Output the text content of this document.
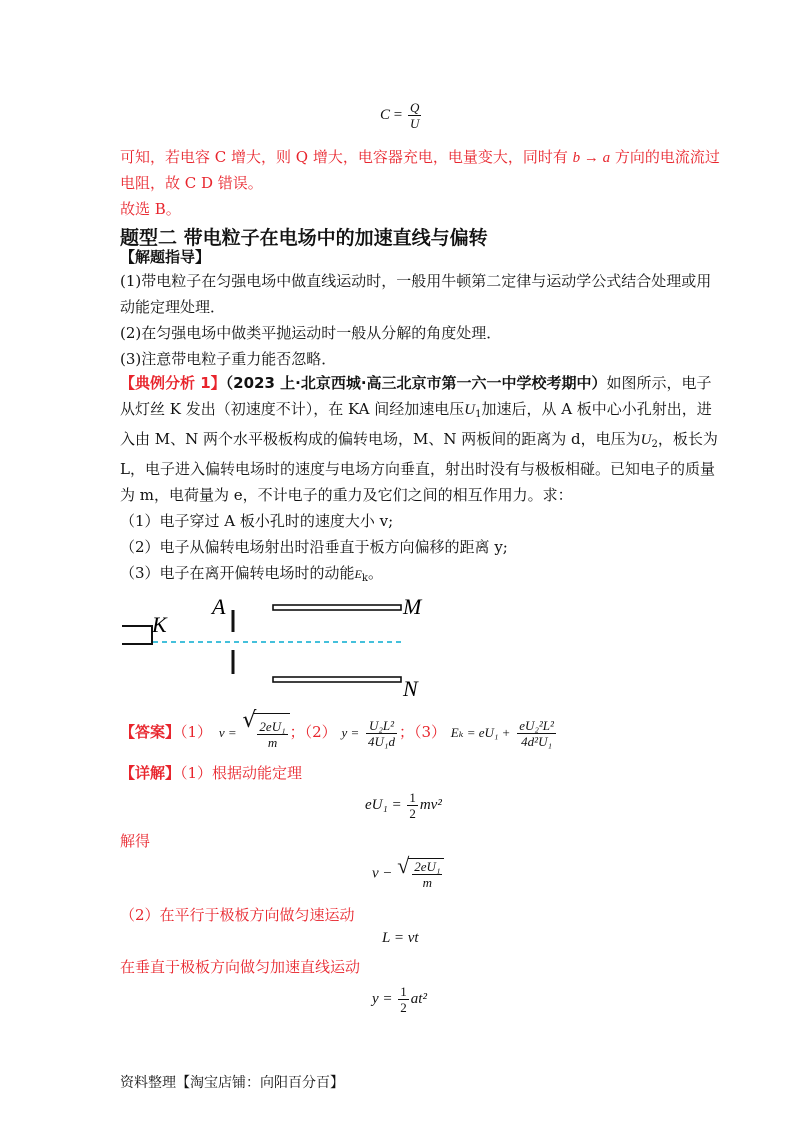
$C = \frac{Q}{U}$
可知，若电容 C 增大，则 Q 增大，电容器充电，电量变大，同时有 b → a 方向的电流流过
电阻，故 C D 错误。
故选 B。
题型二 带电粒子在电场中的加速直线与偏转
【解题指导】
(1)带电粒子在匀强电场中做直线运动时，一般用牛顿第二定律与运动学公式结合处理或用
动能定理处理．
(2)在匀强电场中做类平抛运动时一般从分解的角度处理．
(3)注意带电粒子重力能否忽略．
【典例分析 1】（2023 上·北京西城·高三北京市第一六一中学校考期中）如图所示，电子
从灯丝 K 发出（初速度不计），在 KA 间经加速电压$U_1$加速后，从 A 板中心小孔射出，进
入由 M、N 两个水平极板构成的偏转电场，M、N 两板间的距离为 d，电压为$U_2$，板长为
L，电子进入偏转电场时的速度与电场方向垂直，射出时没有与极板相碰。已知电子的质量
为 m，电荷量为 e，不计电子的重力及它们之间的相互作用力。求：
（1）电子穿过 A 板小孔时的速度大小 v;
（2）电子从偏转电场射出时沿垂直于板方向偏移的距离 y;
（3）电子在离开偏转电场时的动能$E_k$。
K
A	M
N
【答案】（1） v = √ $\frac{\text{2eU₁}}{m}$ ；（2） $y = \frac{\text{U₂L²}}{\text{4U₁d}}$ ；（3） $E_k = eU_1 + \frac{\text{eU₂²L²}}{\text{4d²U₁}}$
【详解】（1）根据动能定理
$eU_1 = \frac{1}{2} mv^2$
解得
v − √ $\frac{\text{2eU₁}}{m}$
（2）在平行于极板方向做匀速运动
L = vt
在垂直于极板方向做匀加速直线运动
$y = \frac{1}{2} at^2$
资料整理【淘宝店铺：向阳百分百】
